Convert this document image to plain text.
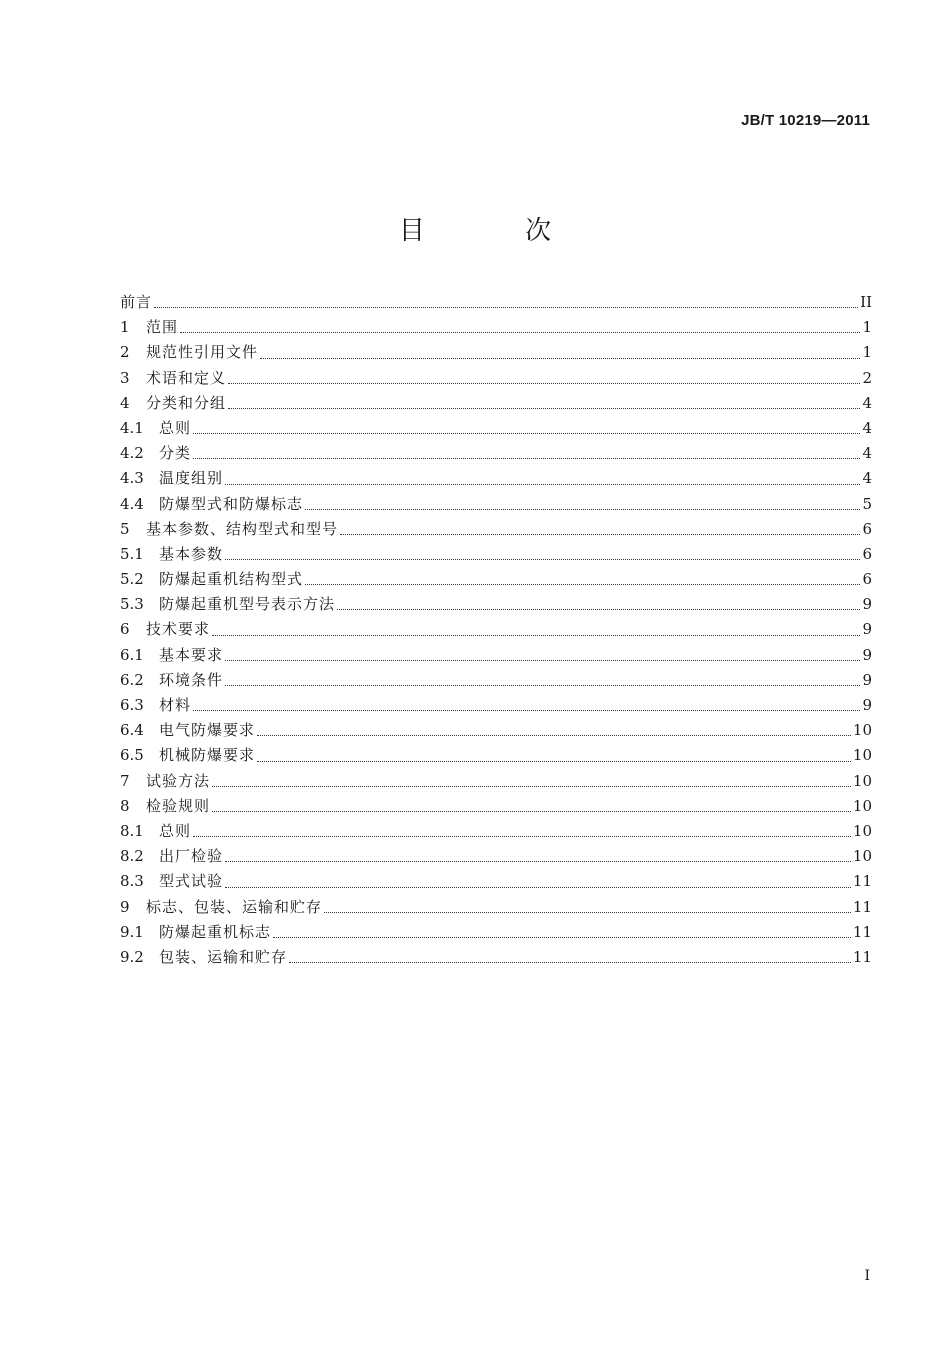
JB/T 10219—2011
目 次
前言	II
1	范围	1
2	规范性引用文件	1
3	术语和定义	2
4	分类和分组	4
4.1	总则	4
4.2	分类	4
4.3	温度组别	4
4.4	防爆型式和防爆标志	5
5	基本参数、结构型式和型号	6
5.1	基本参数	6
5.2	防爆起重机结构型式	6
5.3	防爆起重机型号表示方法	9
6	技术要求	9
6.1	基本要求	9
6.2	环境条件	9
6.3	材料	9
6.4	电气防爆要求	10
6.5	机械防爆要求	10
7	试验方法	10
8	检验规则	10
8.1	总则	10
8.2	出厂检验	10
8.3	型式试验	11
9	标志、包装、运输和贮存	11
9.1	防爆起重机标志	11
9.2	包装、运输和贮存	11
I
